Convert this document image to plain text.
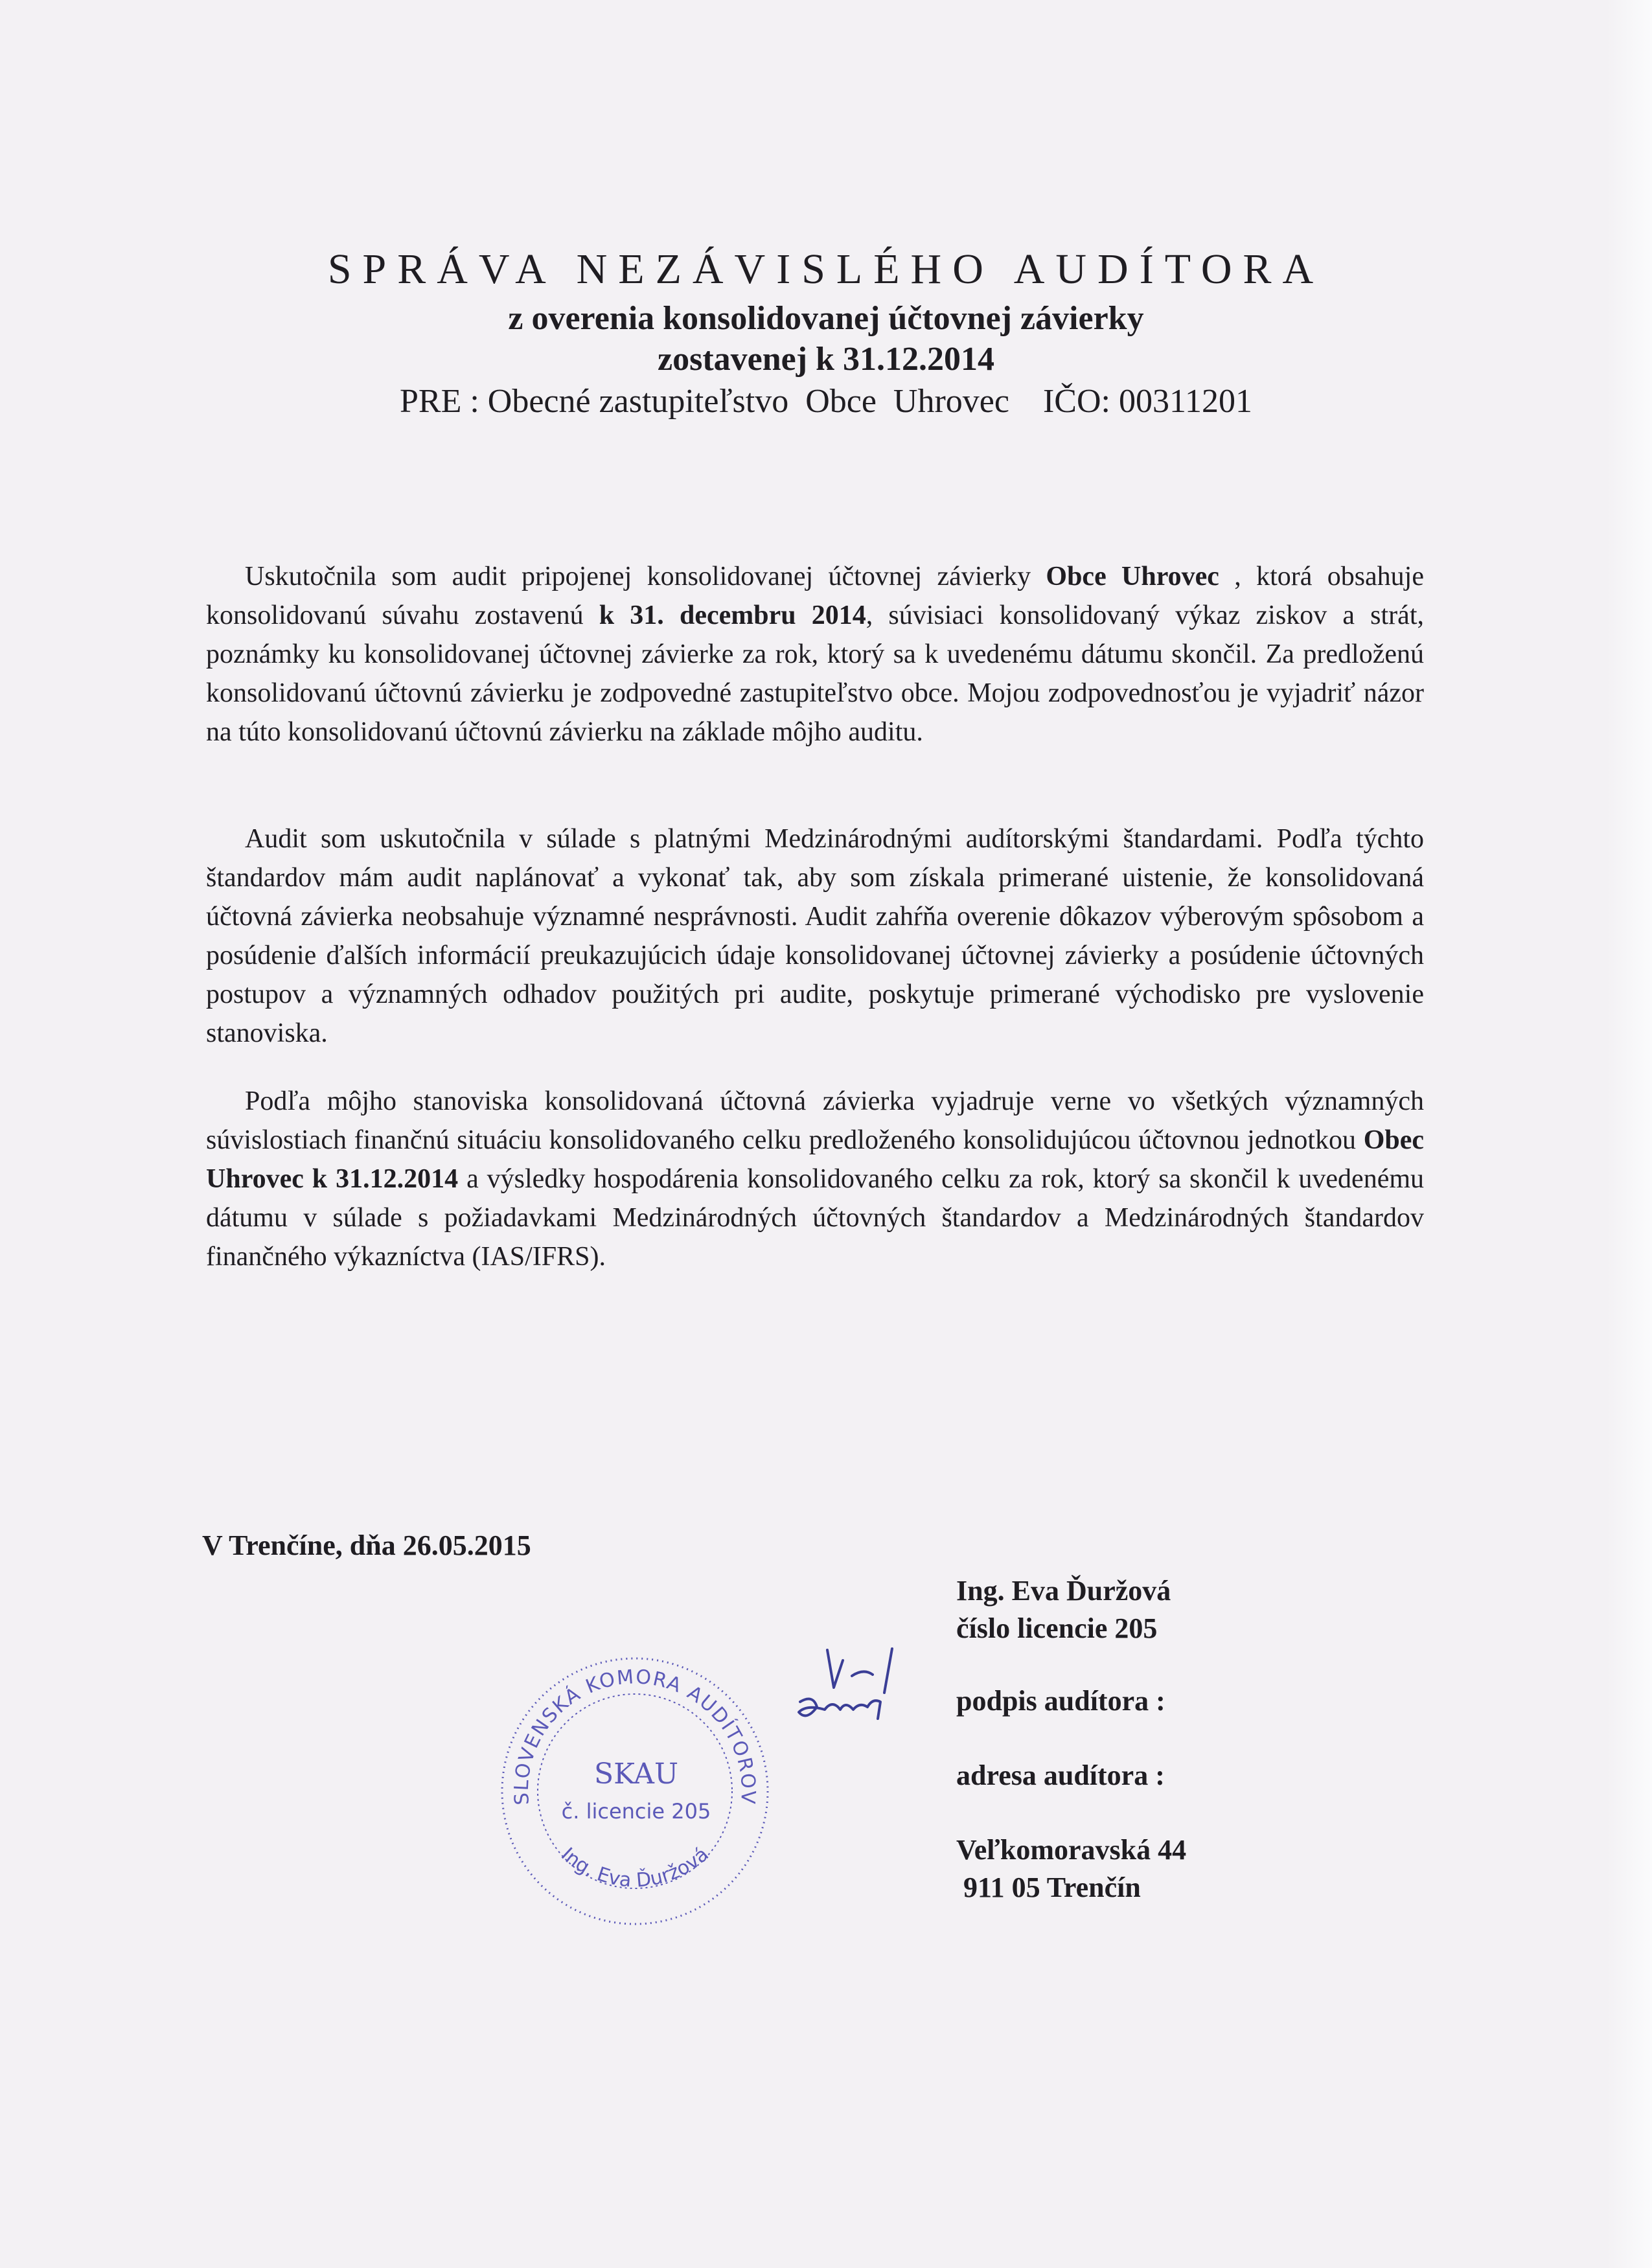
SPRÁVA NEZÁVISLÉHO AUDÍTORA
z overenia konsolidovanej účtovnej závierky
zostavenej k 31.12.2014
PRE : Obecné zastupiteľstvo  Obce  Uhrovec    IČO: 00311201

Uskutočnila som audit pripojenej konsolidovanej účtovnej závierky Obce Uhrovec , ktorá obsahuje konsolidovanú súvahu zostavenú k 31. decembru 2014, súvisiaci konsolidovaný výkaz ziskov a strát, poznámky ku konsolidovanej účtovnej závierke za rok, ktorý sa k uvedenému dátumu skončil. Za predloženú konsolidovanú účtovnú závierku je zodpovedné zastupiteľstvo obce. Mojou zodpovednosťou je vyjadriť názor na túto konsolidovanú účtovnú závierku na základe môjho auditu.

Audit som uskutočnila v súlade s platnými Medzinárodnými audítorskými štandardami. Podľa týchto štandardov mám audit naplánovať a vykonať tak, aby som získala primerané uistenie, že konsolidovaná účtovná závierka neobsahuje významné nesprávnosti. Audit zahŕňa overenie dôkazov výberovým spôsobom a posúdenie ďalších informácií preukazujúcich údaje konsolidovanej účtovnej závierky a posúdenie účtovných postupov a významných odhadov použitých pri audite, poskytuje primerané východisko pre vyslovenie stanoviska.

Podľa môjho stanoviska konsolidovaná účtovná závierka vyjadruje verne vo všetkých významných súvislostiach finančnú situáciu konsolidovaného celku predloženého konsolidujúcou účtovnou jednotkou Obec Uhrovec k 31.12.2014 a výsledky hospodárenia konsolidovaného celku za rok, ktorý sa skončil k uvedenému dátumu v súlade s požiadavkami Medzinárodných účtovných štandardov a Medzinárodných štandardov finančného výkazníctva (IAS/IFRS).

V Trenčíne, dňa 26.05.2015
Ing. Eva Ďuržová
číslo licencie 205
podpis audítora :
adresa audítora :
Veľkomoravská 44
911 05 Trenčín
SLOVENSKÁ KOMORA AUDÍTOROV
Ing. Eva Ďuržová
SKAU
č. licencie 205
